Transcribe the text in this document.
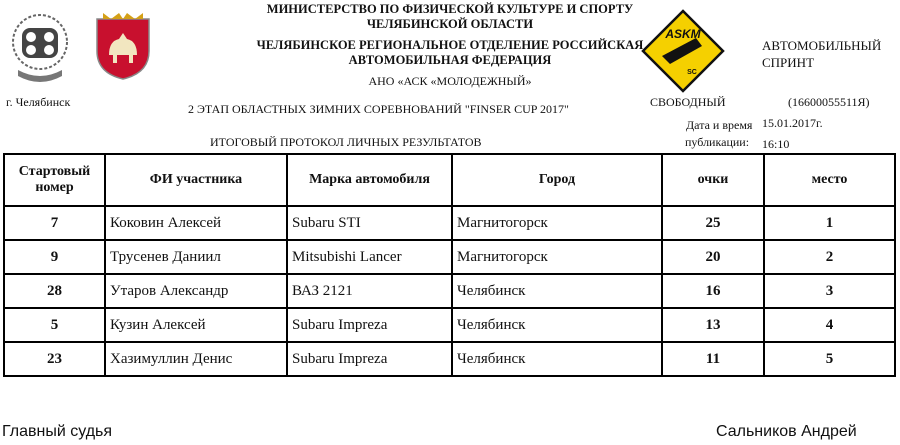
МИНИСТЕРСТВО ПО ФИЗИЧЕСКОЙ КУЛЬТУРЕ И СПОРТУ
ЧЕЛЯБИНСКОЙ ОБЛАСТИ
ЧЕЛЯБИНСКОЕ РЕГИОНАЛЬНОЕ ОТДЕЛЕНИЕ РОССИЙСКАЯ
АВТОМОБИЛЬНАЯ ФЕДЕРАЦИЯ
АНО «АСК «МОЛОДЕЖНЫЙ»
ASKM
SC
АВТОМОБИЛЬНЫЙ
СПРИНТ
г. Челябинск	2 ЭТАП ОБЛАСТНЫХ ЗИМНИХ СОРЕВНОВАНИЙ "FINSER CUP 2017"	СВОБОДНЫЙ	(16600055511Я)
Дата и время 15.01.2017г.
публикации: 16:10
ИТОГОВЫЙ ПРОТОКОЛ ЛИЧНЫХ РЕЗУЛЬТАТОВ
Стартовый номер	ФИ участника	Марка автомобиля	Город	очки	место
7	Коковин Алексей	Subaru STI	Магнитогорск	25	1
9	Трусенев Даниил	Mitsubishi Lancer	Магнитогорск	20	2
28	Утаров Александр	ВАЗ 2121	Челябинск	16	3
5	Кузин Алексей	Subaru Impreza	Челябинск	13	4
23	Хазимуллин Денис	Subaru Impreza	Челябинск	11	5
Главный судья	Сальников Андрей
